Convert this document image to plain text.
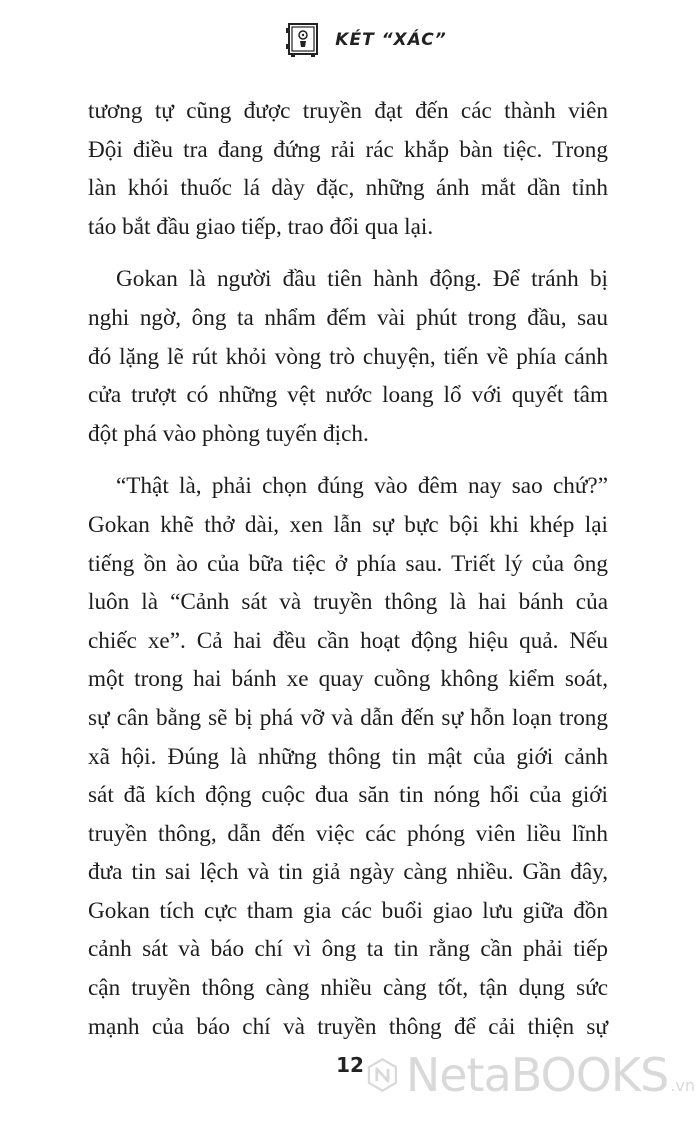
KÉT “XÁC”

tương tự cũng được truyền đạt đến các thành viên
Đội điều tra đang đứng rải rác khắp bàn tiệc. Trong
làn khói thuốc lá dày đặc, những ánh mắt dần tỉnh
táo bắt đầu giao tiếp, trao đổi qua lại.

Gokan là người đầu tiên hành động. Để tránh bị
nghi ngờ, ông ta nhẩm đếm vài phút trong đầu, sau
đó lặng lẽ rút khỏi vòng trò chuyện, tiến về phía cánh
cửa trượt có những vệt nước loang lổ với quyết tâm
đột phá vào phòng tuyến địch.

“Thật là, phải chọn đúng vào đêm nay sao chứ?”
Gokan khẽ thở dài, xen lẫn sự bực bội khi khép lại
tiếng ồn ào của bữa tiệc ở phía sau. Triết lý của ông
luôn là “Cảnh sát và truyền thông là hai bánh của
chiếc xe”. Cả hai đều cần hoạt động hiệu quả. Nếu
một trong hai bánh xe quay cuồng không kiểm soát,
sự cân bằng sẽ bị phá vỡ và dẫn đến sự hỗn loạn trong
xã hội. Đúng là những thông tin mật của giới cảnh
sát đã kích động cuộc đua săn tin nóng hổi của giới
truyền thông, dẫn đến việc các phóng viên liều lĩnh
đưa tin sai lệch và tin giả ngày càng nhiều. Gần đây,
Gokan tích cực tham gia các buổi giao lưu giữa đồn
cảnh sát và báo chí vì ông ta tin rằng cần phải tiếp
cận truyền thông càng nhiều càng tốt, tận dụng sức
mạnh của báo chí và truyền thông để cải thiện sự

12 NetaBOOKS .vn
